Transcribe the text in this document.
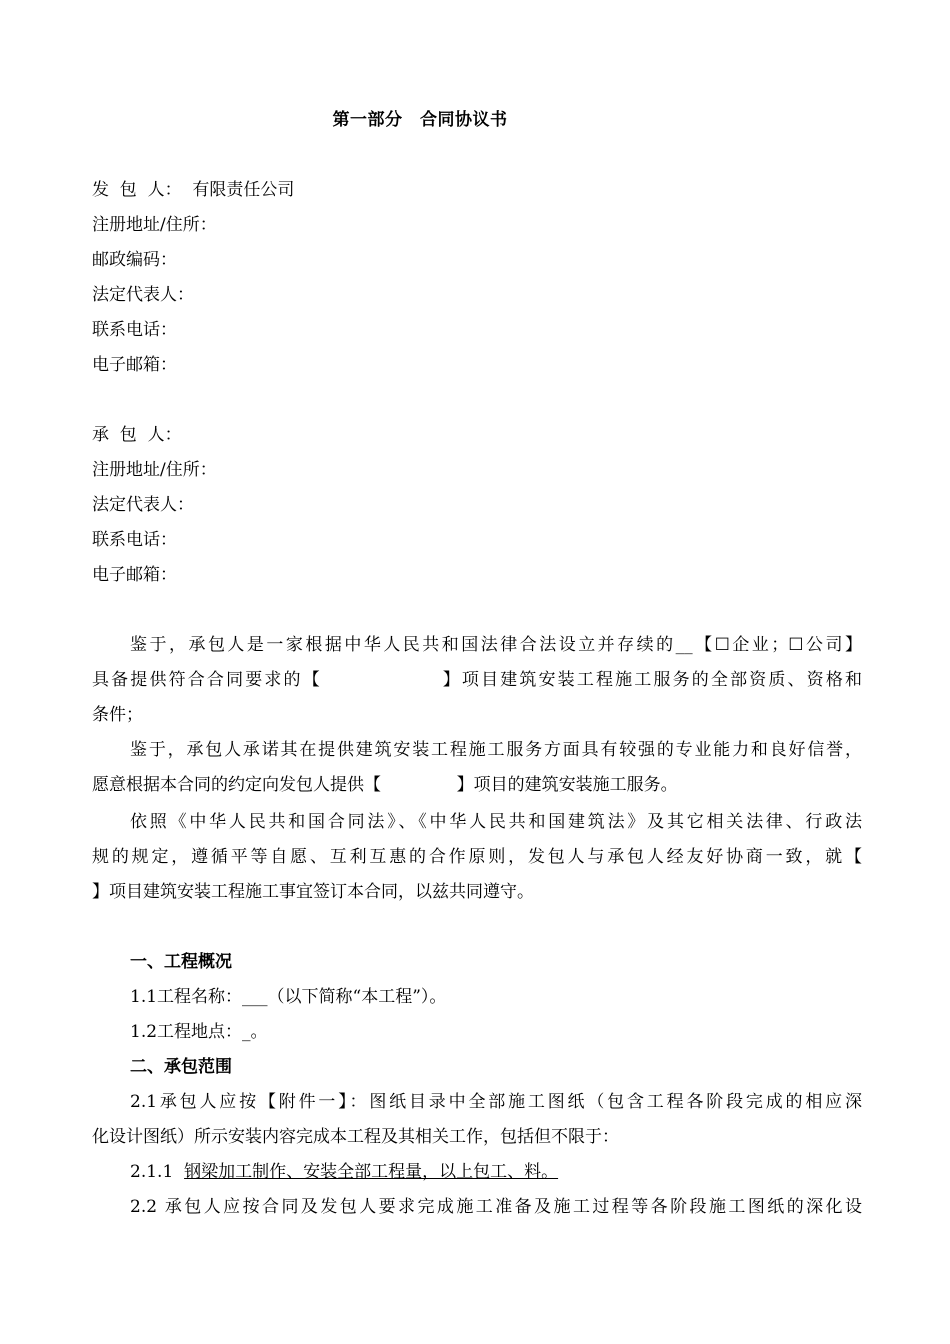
第一部分　合同协议书
发  包  人：  有限责任公司
注册地址/住所：
邮政编码：
法定代表人：
联系电话：
电子邮箱：
承  包  人：
注册地址/住所：
法定代表人：
联系电话：
电子邮箱：
鉴于，承包人是一家根据中华人民共和国法律合法设立并存续的__【☐企业；☐公司】
具备提供符合合同要求的【                】项目建筑安装工程施工服务的全部资质、资格和
条件；
鉴于，承包人承诺其在提供建筑安装工程施工服务方面具有较强的专业能力和良好信誉，
愿意根据本合同的约定向发包人提供【              】项目的建筑安装施工服务。
依照《中华人民共和国合同法》、《中华人民共和国建筑法》及其它相关法律、行政法
规的规定，遵循平等自愿、互利互惠的合作原则，发包人与承包人经友好协商一致，就【
】项目建筑安装工程施工事宜签订本合同，以兹共同遵守。
一、工程概况
1.1工程名称：___（以下简称“本工程”）。
1.2工程地点：_。
二、承包范围
2.1承包人应按【附件一】：图纸目录中全部施工图纸（包含工程各阶段完成的相应深
化设计图纸）所示安装内容完成本工程及其相关工作，包括但不限于：
2.1.1  钢梁加工制作、安装全部工程量，以上包工、料。
2.2 承包人应按合同及发包人要求完成施工准备及施工过程等各阶段施工图纸的深化设
